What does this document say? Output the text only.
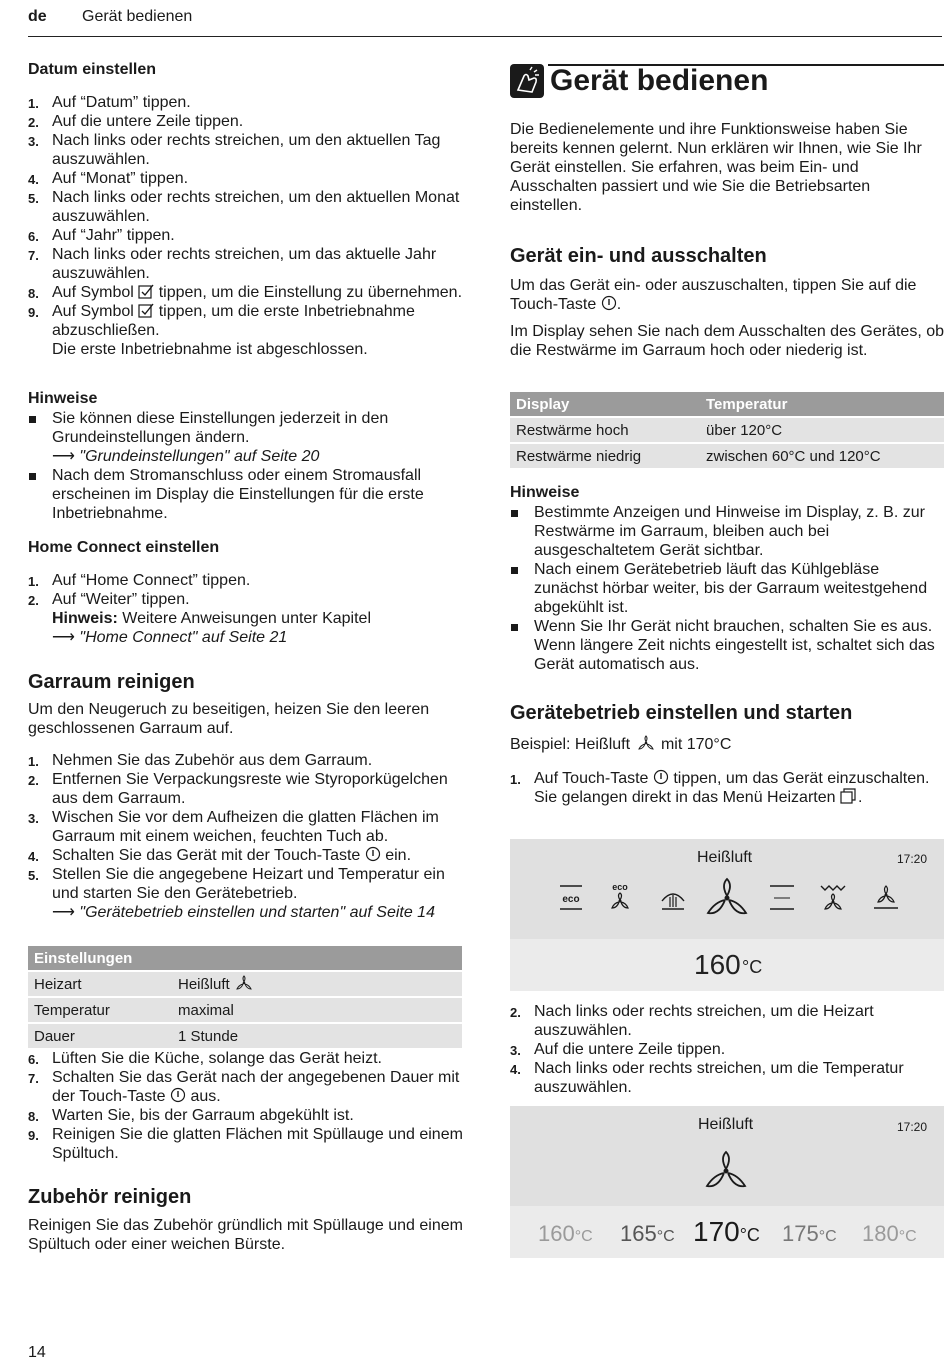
de Gerät bedienen
Datum einstellen
1. Auf “Datum” tippen.
2. Auf die untere Zeile tippen.
3. Nach links oder rechts streichen, um den aktuellen Tag auszuwählen.
4. Auf “Monat” tippen.
5. Nach links oder rechts streichen, um den aktuellen Monat auszuwählen.
6. Auf “Jahr” tippen.
7. Nach links oder rechts streichen, um das aktuelle Jahr auszuwählen.
8. Auf Symbol tippen, um die Einstellung zu übernehmen.
9. Auf Symbol tippen, um die erste Inbetriebnahme abzuschließen.
Die erste Inbetriebnahme ist abgeschlossen.
Hinweise
Sie können diese Einstellungen jederzeit in den Grundeinstellungen ändern.
⟶ "Grundeinstellungen" auf Seite 20
Nach dem Stromanschluss oder einem Stromausfall erscheinen im Display die Einstellungen für die erste Inbetriebnahme.
Home Connect einstellen
1. Auf “Home Connect” tippen.
2. Auf “Weiter” tippen.
Hinweis: Weitere Anweisungen unter Kapitel
⟶ "Home Connect" auf Seite 21
Garraum reinigen
Um den Neugeruch zu beseitigen, heizen Sie den leeren geschlossenen Garraum auf.
1. Nehmen Sie das Zubehör aus dem Garraum.
2. Entfernen Sie Verpackungsreste wie Styroporkügelchen aus dem Garraum.
3. Wischen Sie vor dem Aufheizen die glatten Flächen im Garraum mit einem weichen, feuchten Tuch ab.
4. Schalten Sie das Gerät mit der Touch-Taste ein.
5. Stellen Sie die angegebene Heizart und Temperatur ein und starten Sie den Gerätebetrieb.
⟶ "Gerätebetrieb einstellen und starten" auf Seite 14
Einstellungen	
Heizart	Heißluft
Temperatur	maximal
Dauer	1 Stunde
6. Lüften Sie die Küche, solange das Gerät heizt.
7. Schalten Sie das Gerät nach der angegebenen Dauer mit der Touch-Taste aus.
8. Warten Sie, bis der Garraum abgekühlt ist.
9. Reinigen Sie die glatten Flächen mit Spüllauge und einem Spültuch.
Zubehör reinigen
Reinigen Sie das Zubehör gründlich mit Spüllauge und einem Spültuch oder einer weichen Bürste.
14
Gerät bedienen
Die Bedienelemente und ihre Funktionsweise haben Sie bereits kennen gelernt. Nun erklären wir Ihnen, wie Sie Ihr Gerät einstellen. Sie erfahren, was beim Ein- und Ausschalten passiert und wie Sie die Betriebsarten einstellen.
Gerät ein- und ausschalten
Um das Gerät ein- oder auszuschalten, tippen Sie auf die Touch-Taste .
Im Display sehen Sie nach dem Ausschalten des Gerätes, ob die Restwärme im Garraum hoch oder niederig ist.
Display	Temperatur
Restwärme hoch	über 120°C
Restwärme niedrig	zwischen 60°C und 120°C
Hinweise
Bestimmte Anzeigen und Hinweise im Display, z. B. zur Restwärme im Garraum, bleiben auch bei ausgeschaltetem Gerät sichtbar.
Nach einem Gerätebetrieb läuft das Kühlgebläse zunächst hörbar weiter, bis der Garraum weitestgehend abgekühlt ist.
Wenn Sie Ihr Gerät nicht brauchen, schalten Sie es aus. Wenn längere Zeit nichts eingestellt ist, schaltet sich das Gerät automatisch aus.
Gerätebetrieb einstellen und starten
Beispiel: Heißluft mit 170°C
1. Auf Touch-Taste tippen, um das Gerät einzuschalten.
Sie gelangen direkt in das Menü Heizarten .
Heißluft	17:20
eco
eco
160 °C
2. Nach links oder rechts streichen, um die Heizart auszuwählen.
3. Auf die untere Zeile tippen.
4. Nach links oder rechts streichen, um die Temperatur auszuwählen.
Heißluft	17:20
160°C 165°C 170°C 175°C 180°C
